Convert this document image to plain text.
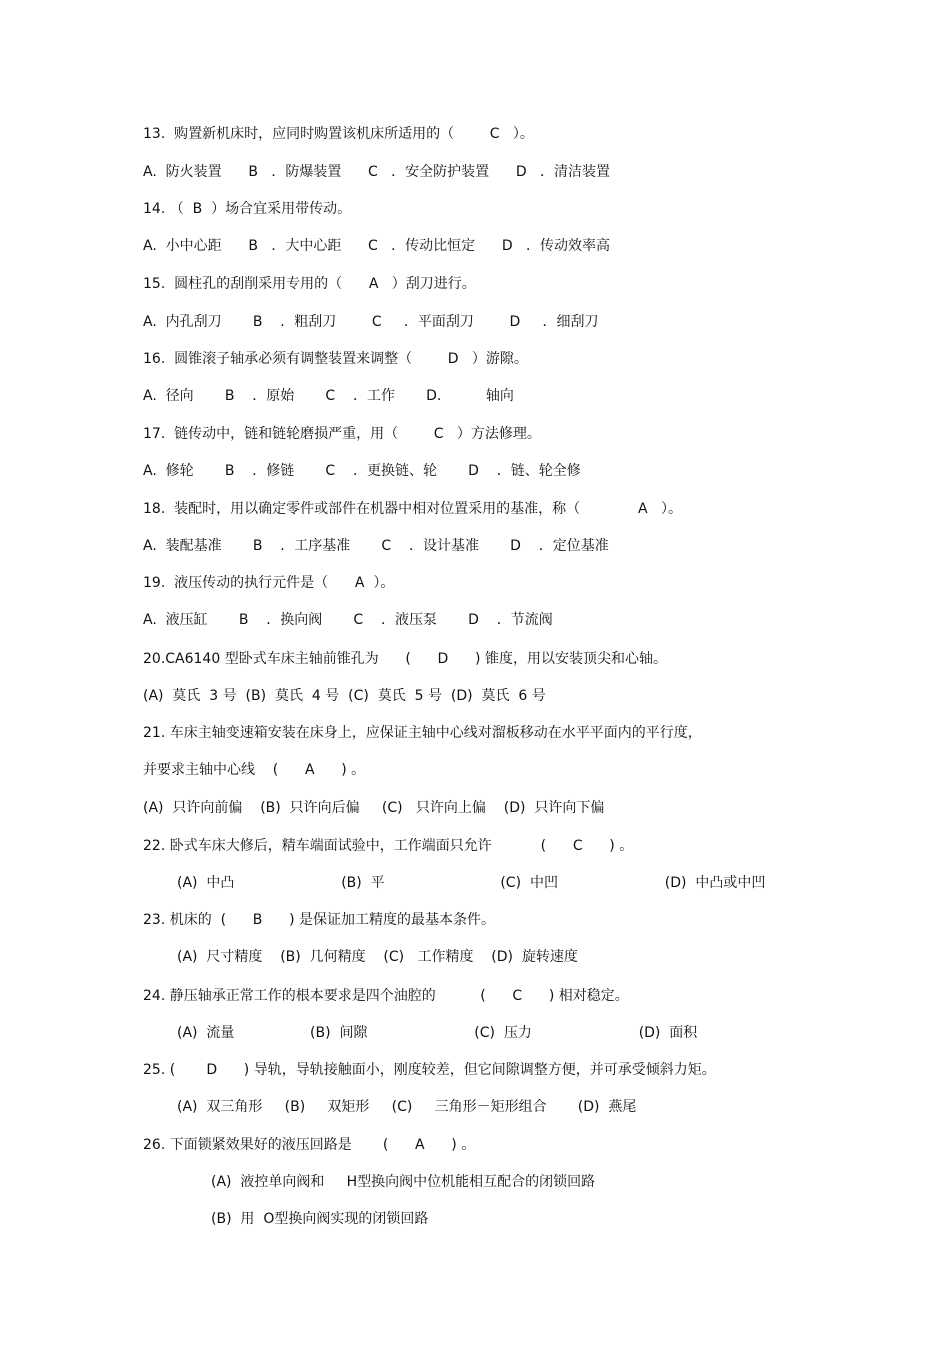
13.  购置新机床时，应同时购置该机床所适用的（        C   ）。
A.  防火装置      B   ．防爆装置      C   ．安全防护装置      D   ．清洁装置
14. （  B  ）场合宜采用带传动。
A.  小中心距      B   ．大中心距      C   ．传动比恒定      D   ．传动效率高
15.  圆柱孔的刮削采用专用的（      A   ）刮刀进行。
A.  内孔刮刀       B    ．粗刮刀        C     ．平面刮刀        D     ．细刮刀
16.  圆锥滚子轴承必须有调整装置来调整（        D   ）游隙。
A.  径向       B    ．原始       C    ．工作       D.          轴向
17.  链传动中，链和链轮磨损严重，用（        C   ）方法修理。
A.  修轮       B    ．修链       C    ．更换链、轮       D    ．链、轮全修
18.  装配时，用以确定零件或部件在机器中相对位置采用的基准，称（             A   ）。
A.  装配基准       B    ．工序基准       C    ．设计基准       D    ．定位基准
19.  液压传动的执行元件是（      A  ）。
A.  液压缸       B    ．换向阀       C    ．液压泵       D    ．节流阀
20.CA6140 型卧式车床主轴前锥孔为      (      D      ) 锥度，用以安装顶尖和心轴。
(A)  莫氏  3 号  (B)  莫氏  4 号  (C)  莫氏  5 号  (D)  莫氏  6 号
21. 车床主轴变速箱安装在床身上，应保证主轴中心线对溜板移动在水平平面内的平行度，
并要求主轴中心线    (      A      ) 。
(A)  只许向前偏    (B)  只许向后偏     (C)   只许向上偏    (D)  只许向下偏
22. 卧式车床大修后，精车端面试验中，工作端面只允许           (      C      ) 。
(A)  中凸                        (B)  平                          (C)  中凹                        (D)  中凸或中凹
23. 机床的  (      B      ) 是保证加工精度的最基本条件。
(A)  尺寸精度    (B)  几何精度    (C)   工作精度    (D)  旋转速度
24. 静压轴承正常工作的根本要求是四个油腔的          (      C      ) 相对稳定。
(A)  流量                 (B)  间隙                        (C)  压力                        (D)  面积
25. (       D      ) 导轨，导轨接触面小，刚度较差，但它间隙调整方便，并可承受倾斜力矩。
(A)  双三角形     (B)     双矩形     (C)     三角形－矩形组合       (D)  燕尾
26. 下面锁紧效果好的液压回路是       (      A      ) 。
(A)  液控单向阀和     H型换向阀中位机能相互配合的闭锁回路
(B)  用  O型换向阀实现的闭锁回路
